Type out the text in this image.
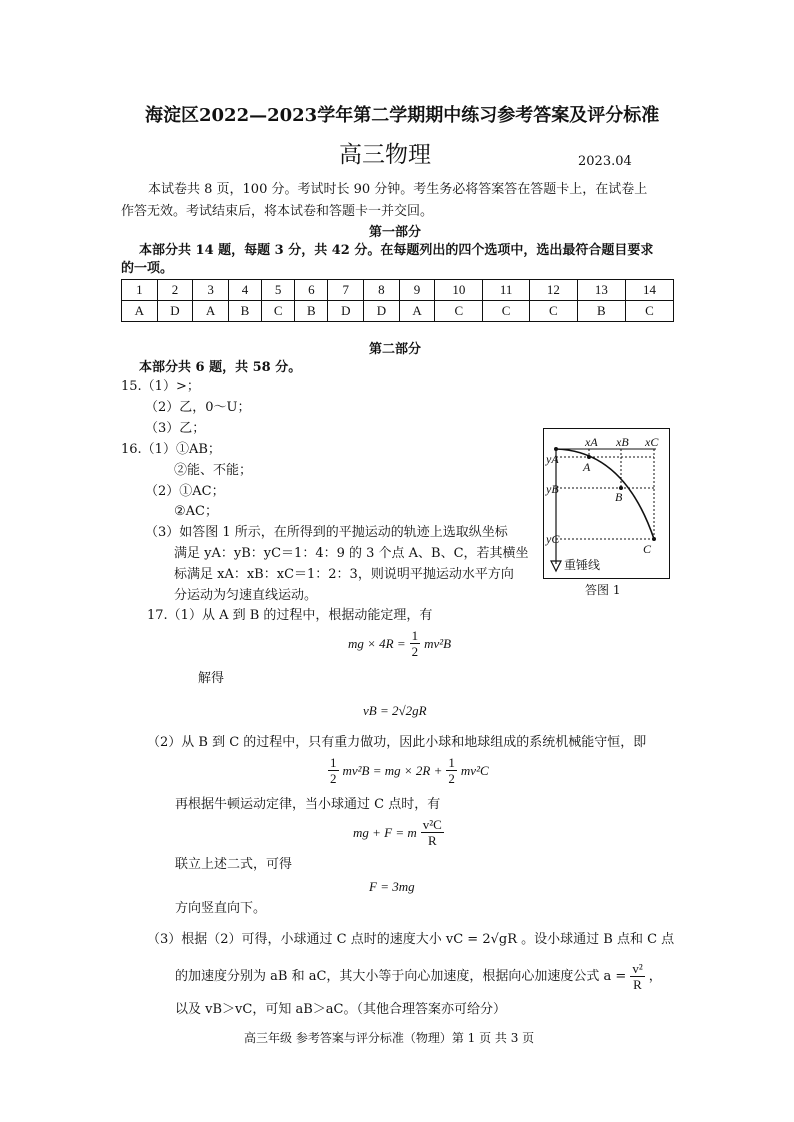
海淀区2022—2023学年第二学期期中练习参考答案及评分标准
高三物理	2023.04
本试卷共 8 页，100 分。考试时长 90 分钟。考生务必将答案答在答题卡上，在试卷上
作答无效。考试结束后，将本试卷和答题卡一并交回。
第一部分
本部分共 14 题，每题 3 分，共 42 分。在每题列出的四个选项中，选出最符合题目要求
的一项。
1	2	3	4	5	6	7	8	9	10	11	12	13	14
A	D	A	B	C	B	D	D	A	C	C	C	B	C
第二部分
本部分共 6 题，共 58 分。
15.（1）>；
（2）乙，0～U；
（3）乙；
16.（1）①AB；
②能、不能；
（2）①AC；
②AC；
（3）如答图 1 所示，在所得到的平抛运动的轨迹上选取纵坐标
满足 yA：yB：yC＝1：4：9 的 3 个点 A、B、C，若其横坐
标满足 xA：xB：xC＝1：2：3，则说明平抛运动水平方向
分运动为匀速直线运动。
xA xB xC
yA
yB
yC
A
B
C
重锤线
答图 1
17.（1）从 A 到 B 的过程中，根据动能定理，有
mg × $4R = \frac{1}{2} mv^2B$
解得
vB = 2√2gR
（2）从 B 到 C 的过程中，只有重力做功，因此小球和地球组成的系统机械能守恒，即
$\frac{1}{2} mv^2B$ = mg × $2R + \frac{1}{2} mv^2C$
再根据牛顿运动定律，当小球通过 C 点时，有
mg + F = m $\frac{\text{v²C}}{R}$
联立上述二式，可得
F = 3mg
方向竖直向下。
（3）根据（2）可得，小球通过 C 点时的速度大小 vC = 2√gR 。设小球通过 B 点和 C 点
的加速度分别为 aB 和 aC，其大小等于向心加速度，根据向心加速度公式 $a = \frac{\text{v²}}{R}$ ，
以及 vB＞vC，可知 aB＞aC。（其他合理答案亦可给分）
高三年级 参考答案与评分标准（物理）第 1 页 共 3 页
